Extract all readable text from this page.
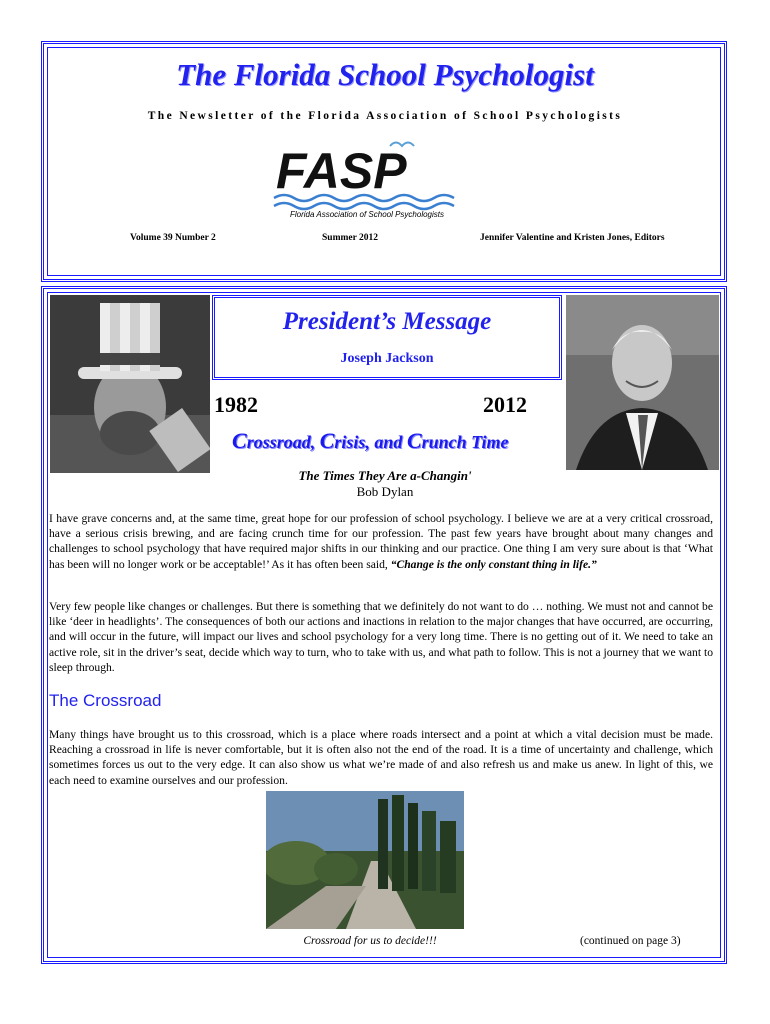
The Florida School Psychologist
The Newsletter of the Florida Association of School Psychologists
FASP
Florida Association of School Psychologists
Volume 39 Number 2	Summer 2012	Jennifer Valentine and Kristen Jones, Editors
President’s Message
Joseph Jackson
1982	2012
Crossroad, Crisis, and Crunch Time
The Times They Are a-Changin'
Bob Dylan

I have grave concerns and, at the same time, great hope for our profession of school psychology. I believe we are at a very critical crossroad, have a serious crisis brewing, and are facing crunch time for our profession. The past few years have brought about many changes and challenges to school psychology that have required major shifts in our thinking and our practice. One thing I am very sure about is that ‘What has been will no longer work or be acceptable!’ As it has often been said, “Change is the only constant thing in life.”

Very few people like changes or challenges. But there is something that we definitely do not want to do … nothing. We must not and cannot be like ‘deer in headlights’. The consequences of both our actions and inactions in relation to the major changes that have occurred, are occurring, and will occur in the future, will impact our lives and school psychology for a very long time. There is no getting out of it. We need to take an active role, sit in the driver’s seat, decide which way to turn, who to take with us, and what path to follow. This is not a journey that we want to sleep through.

The Crossroad

Many things have brought us to this crossroad, which is a place where roads intersect and a point at which a vital decision must be made. Reaching a crossroad in life is never comfortable, but it is often also not the end of the road. It is a time of uncertainty and challenge, which sometimes forces us out to the very edge. It can also show us what we’re made of and also refresh us and make us anew. In light of this, we each need to examine ourselves and our profession.

Crossroad for us to decide!!!	(continued on page 3)
